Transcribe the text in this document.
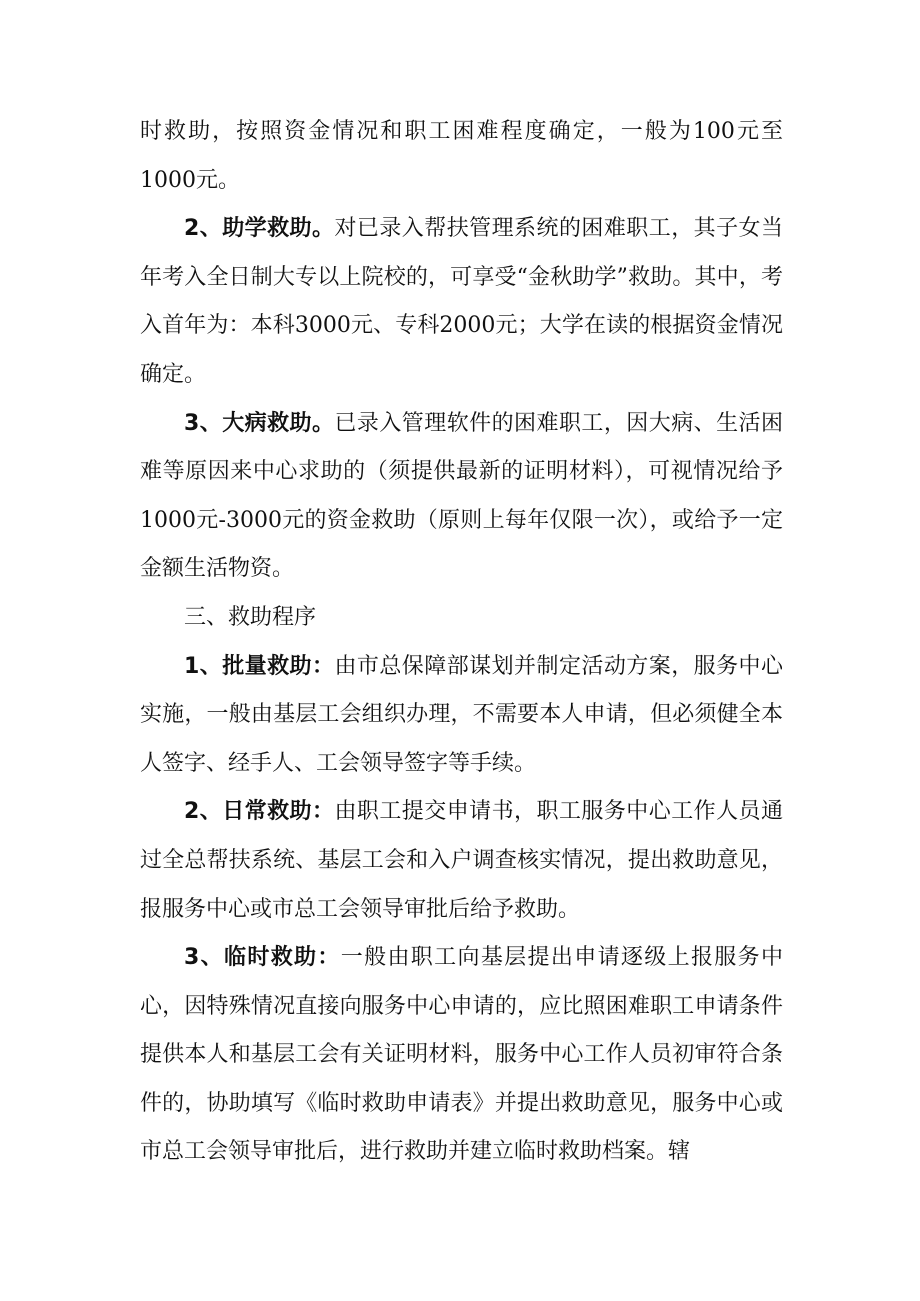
时救助，按照资金情况和职工困难程度确定，一般为100元至1000元。

2、助学救助。对已录入帮扶管理系统的困难职工，其子女当年考入全日制大专以上院校的，可享受“金秋助学”救助。其中，考入首年为：本科3000元、专科2000元；大学在读的根据资金情况确定。

3、大病救助。已录入管理软件的困难职工，因大病、生活困难等原因来中心求助的（须提供最新的证明材料），可视情况给予1000元-3000元的资金救助（原则上每年仅限一次），或给予一定金额生活物资。

三、救助程序

1、批量救助：由市总保障部谋划并制定活动方案，服务中心实施，一般由基层工会组织办理，不需要本人申请，但必须健全本人签字、经手人、工会领导签字等手续。

2、日常救助：由职工提交申请书，职工服务中心工作人员通过全总帮扶系统、基层工会和入户调查核实情况，提出救助意见，报服务中心或市总工会领导审批后给予救助。

3、临时救助：一般由职工向基层提出申请逐级上报服务中心，因特殊情况直接向服务中心申请的，应比照困难职工申请条件提供本人和基层工会有关证明材料，服务中心工作人员初审符合条件的，协助填写《临时救助申请表》并提出救助意见，服务中心或市总工会领导审批后，进行救助并建立临时救助档案。辖
